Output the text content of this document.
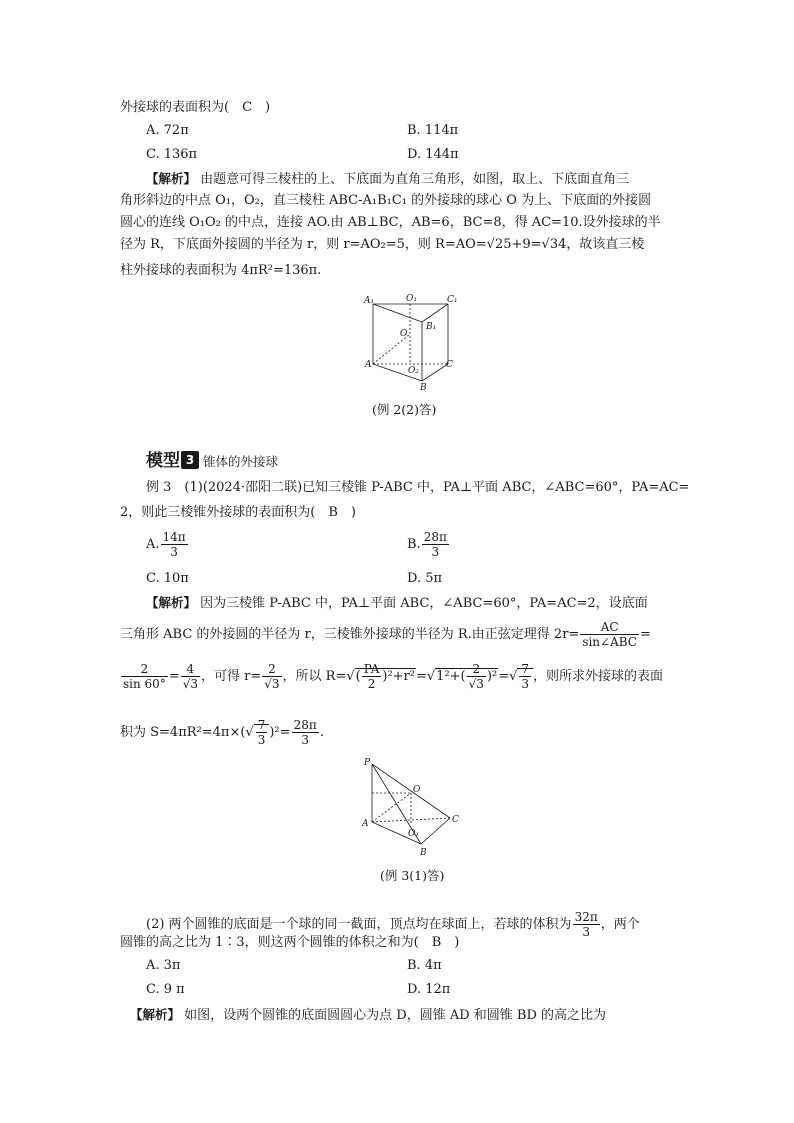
外接球的表面积为(　C　)
A. 72π	B. 114π
C. 136π	D. 144π
【解析】 由题意可得三棱柱的上、下底面为直角三角形，如图，取上、下底面直角三
角形斜边的中点 O₁，O₂，直三棱柱 ABC-A₁B₁C₁ 的外接球的球心 O 为上、下底面的外接圆
圆心的连线 O₁O₂ 的中点，连接 AO.由 AB⊥BC，AB=6，BC=8，得 AC=10.设外接球的半
径为 R，下底面外接圆的半径为 r，则 r=AO₂=5，则 R=AO=√25+9=√34，故该直三棱
柱外接球的表面积为 4πR²=136π.
A₁	O₁	C₁
B₁
O
A
O₂
C
B
(例 2(2)答)
模型 3 锥体的外接球
例 3　(1)(2024·邵阳二联)已知三棱锥 P-ABC 中，PA⊥平面 ABC，∠ABC=60°，PA=AC=
2，则此三棱锥外接球的表面积为(　B　)
A. $\frac{14\pi}{3}$	B. $\frac{28\pi}{3}$
C. 10π	D. 5π
【解析】 因为三棱锥 P-ABC 中，PA⊥平面 ABC，∠ABC=60°，PA=AC=2，设底面
三角形 ABC 的外接圆的半径为 r，三棱锥外接球的半径为 R.由正弦定理得 $2r= \frac{AC}{\text{sin∠ABC}}$ =
$\frac{2}{\sin 60^\circ} = \frac{4}{√3}$ ，可得 $r= \frac{2}{√3}$ ，所以 $R=√( \frac{PA}{2} )^2+r^2=√1^2+( \frac{2}{√3} )^2=√ \frac{7}{3}$ ，则所求外接球的表面
积为 $S=4\pi R^2=4\pi\times(√ \frac{7}{3} )^2= \frac{28\pi}{3}$ .
P
O
A	C
O₁
B
(例 3(1)答)
(2) 两个圆锥的底面是一个球的同一截面，顶点均在球面上，若球的体积为 $\frac{32\pi}{3}$ ，两个
圆锥的高之比为 1∶3，则这两个圆锥的体积之和为(　B　)
A. 3π	B. 4π
C. 9 π	D. 12π
【解析】 如图，设两个圆锥的底面圆圆心为点 D，圆锥 AD 和圆锥 BD 的高之比为
